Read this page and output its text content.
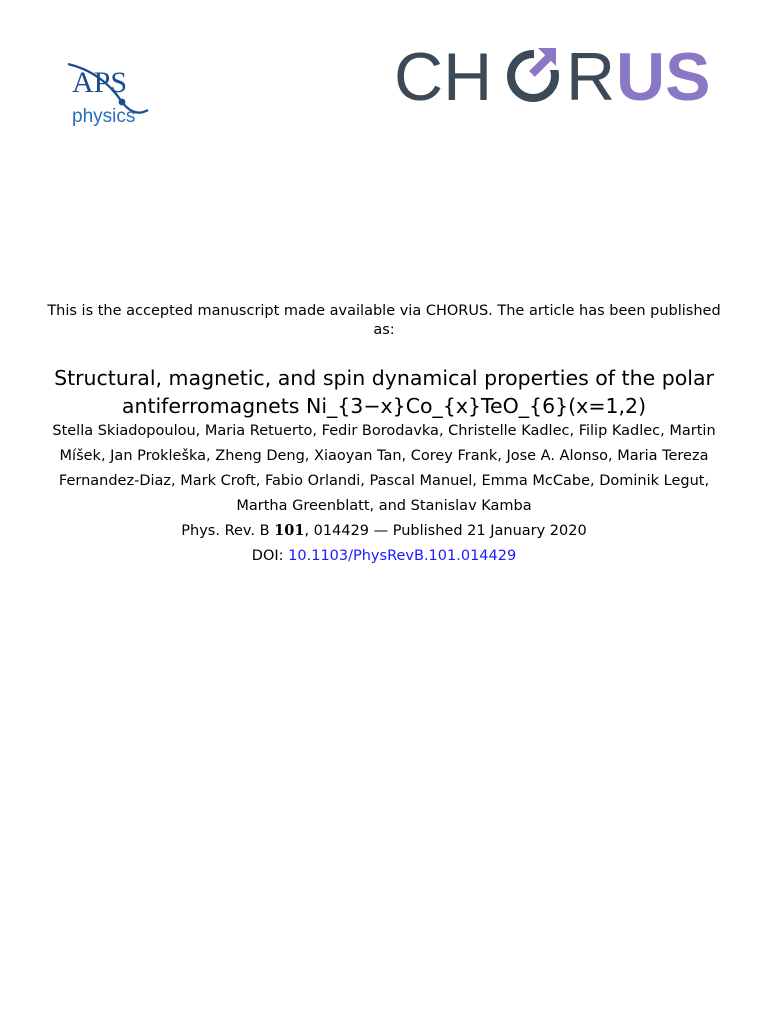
APS
physics
CH R US
This is the accepted manuscript made available via CHORUS. The article has been published as:
Structural, magnetic, and spin dynamical properties of the polar antiferromagnets Ni_{3−x}Co_{x}TeO_{6}(x=1,2)
Stella Skiadopoulou, Maria Retuerto, Fedir Borodavka, Christelle Kadlec, Filip Kadlec, Martin Míšek, Jan Prokleška, Zheng Deng, Xiaoyan Tan, Corey Frank, Jose A. Alonso, Maria Tereza Fernandez-Diaz, Mark Croft, Fabio Orlandi, Pascal Manuel, Emma McCabe, Dominik Legut, Martha Greenblatt, and Stanislav Kamba
Phys. Rev. B 101, 014429 — Published 21 January 2020
DOI: 10.1103/PhysRevB.101.014429
